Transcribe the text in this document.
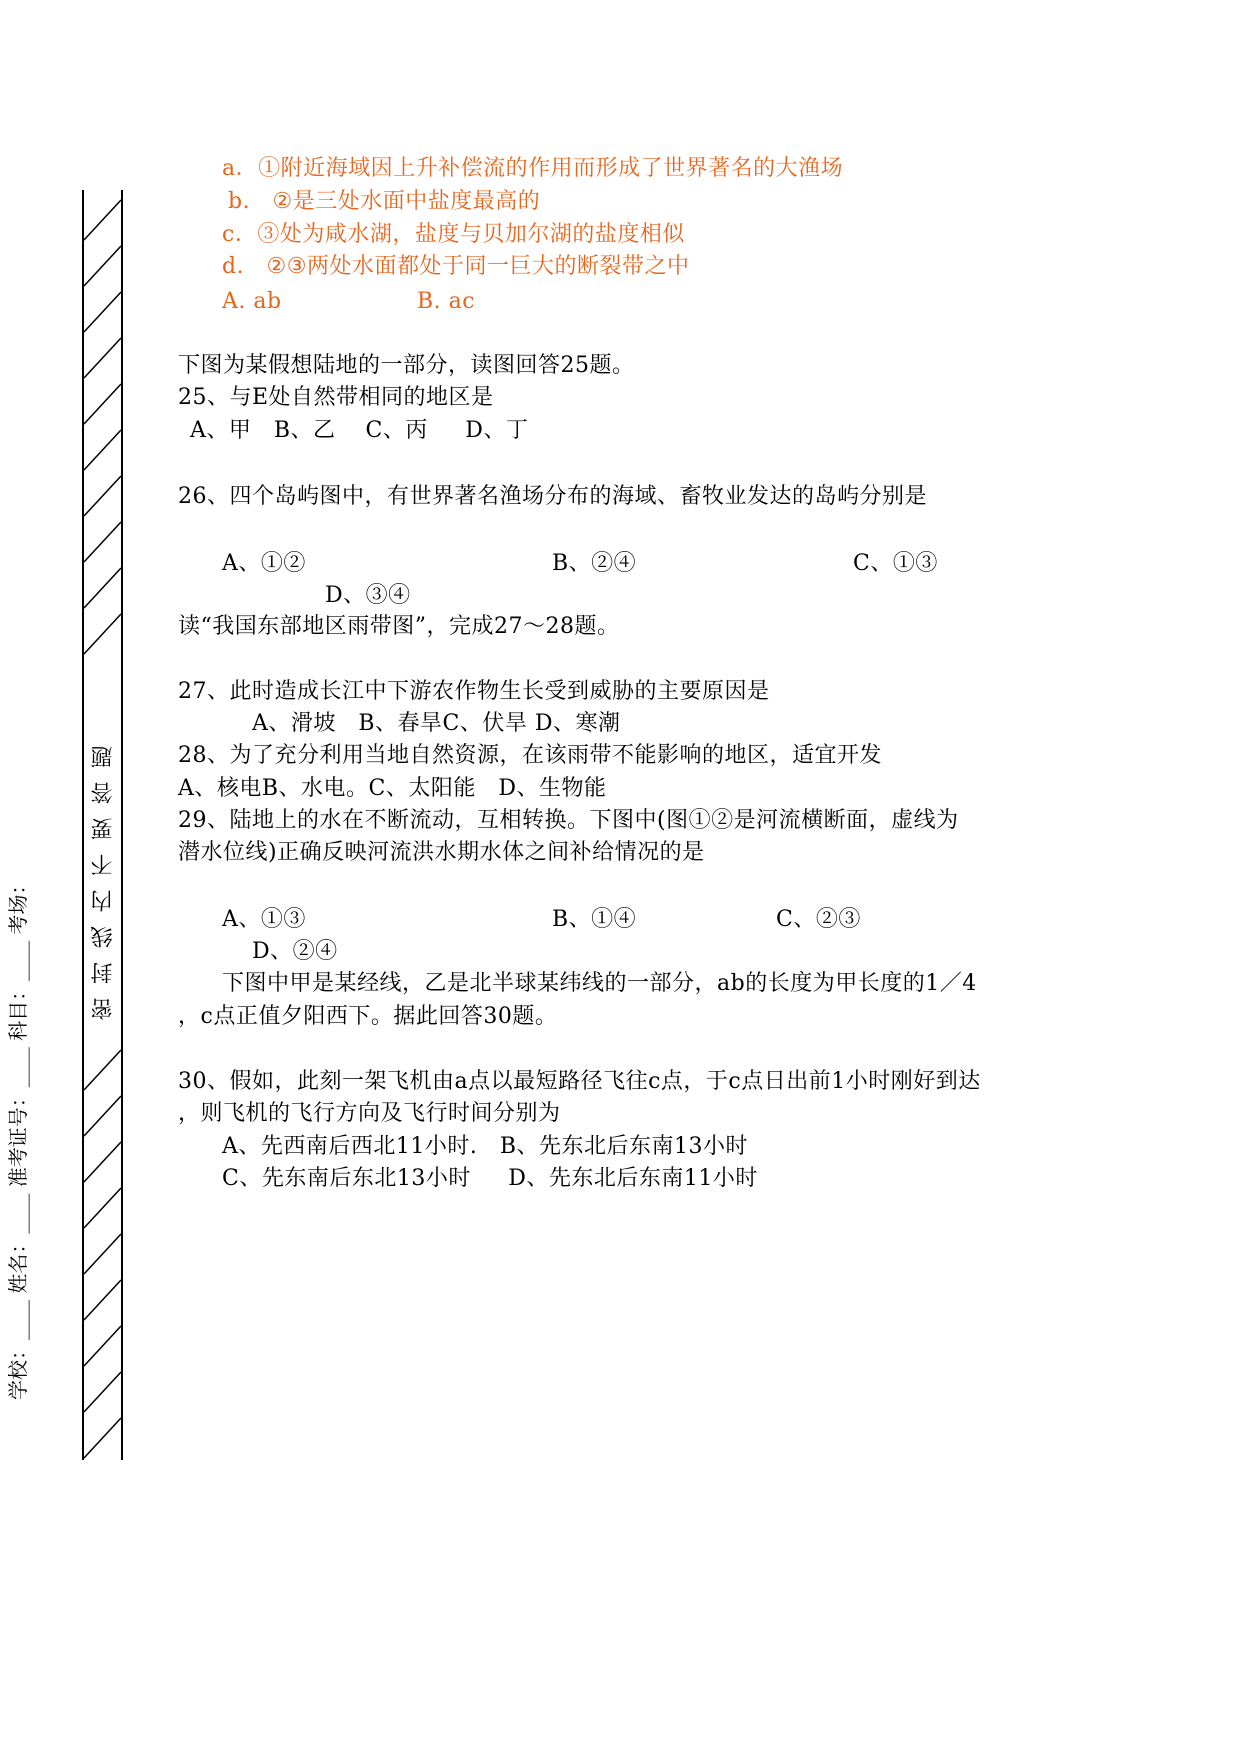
密封线内不要答题
学校：____ 姓名：____ 准考证号：____ 科目：____ 考场：
a．①附近海域因上升补偿流的作用而形成了世界著名的大渔场
b.   ②是三处水面中盐度最高的
c．③处为咸水湖，盐度与贝加尔湖的盐度相似
d.   ②③两处水面都处于同一巨大的断裂带之中
A. ab	B. ac
下图为某假想陆地的一部分，读图回答25题。
25、与E处自然带相同的地区是
A、甲   B、乙    C、丙     D、丁
26、四个岛屿图中，有世界著名渔场分布的海域、畜牧业发达的岛屿分别是
A、①②	B、②④	C、①③
D、③④
读“我国东部地区雨带图”，完成27～28题。
27、此时造成长江中下游农作物生长受到威胁的主要原因是
A、滑坡   B、春旱C、伏旱 D、寒潮
28、为了充分利用当地自然资源，在该雨带不能影响的地区，适宜开发
A、核电B、水电。C、太阳能   D、生物能
29、陆地上的水在不断流动，互相转换。下图中(图①②是河流横断面，虚线为
潜水位线)正确反映河流洪水期水体之间补给情况的是
A、①③	B、①④	C、②③
D、②④
下图中甲是某经线，乙是北半球某纬线的一部分，ab的长度为甲长度的1／4
，c点正值夕阳西下。据此回答30题。
30、假如，此刻一架飞机由a点以最短路径飞往c点，于c点日出前1小时刚好到达
，则飞机的飞行方向及飞行时间分别为
A、先西南后西北11小时.   B、先东北后东南13小时
C、先东南后东北13小时     D、先东北后东南11小时
